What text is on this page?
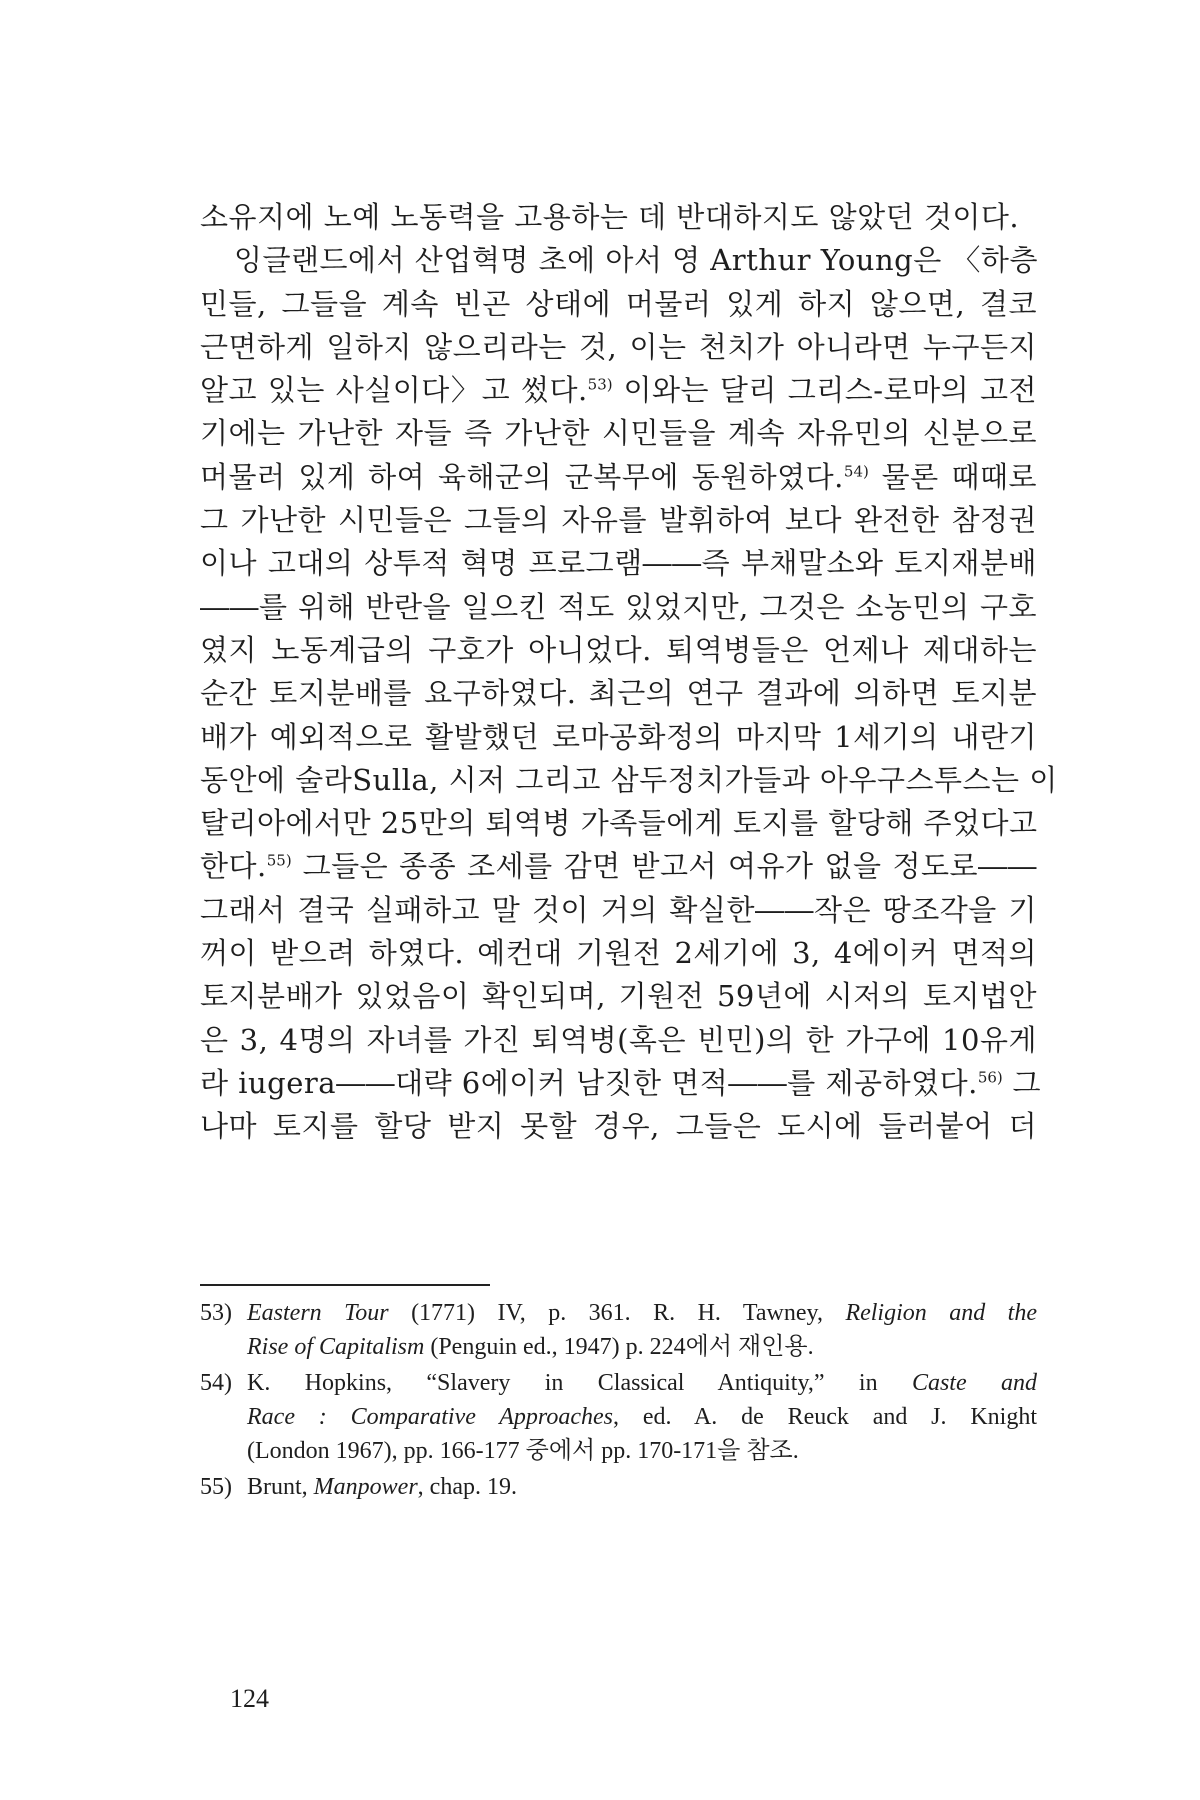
소유지에 노예 노동력을 고용하는 데 반대하지도 않았던 것이다.
잉글랜드에서 산업혁명 초에 아서 영 Arthur Young은 〈하층
민들, 그들을 계속 빈곤 상태에 머물러 있게 하지 않으면, 결코
근면하게 일하지 않으리라는 것, 이는 천치가 아니라면 누구든지
알고 있는 사실이다〉고 썼다.$^{53)}$ 이와는 달리 그리스-로마의 고전
기에는 가난한 자들 즉 가난한 시민들을 계속 자유민의 신분으로
머물러 있게 하여 육해군의 군복무에 동원하였다.$^{54)}$ 물론 때때로
그 가난한 시민들은 그들의 자유를 발휘하여 보다 완전한 참정권
이나 고대의 상투적 혁명 프로그램――즉 부채말소와 토지재분배
――를 위해 반란을 일으킨 적도 있었지만, 그것은 소농민의 구호
였지 노동계급의 구호가 아니었다. 퇴역병들은 언제나 제대하는
순간 토지분배를 요구하였다. 최근의 연구 결과에 의하면 토지분
배가 예외적으로 활발했던 로마공화정의 마지막 1세기의 내란기
동안에 술라Sulla, 시저 그리고 삼두정치가들과 아우구스투스는 이
탈리아에서만 25만의 퇴역병 가족들에게 토지를 할당해 주었다고
한다.$^{55)}$ 그들은 종종 조세를 감면 받고서 여유가 없을 정도로――
그래서 결국 실패하고 말 것이 거의 확실한――작은 땅조각을 기
꺼이 받으려 하였다. 예컨대 기원전 2세기에 3, 4에이커 면적의
토지분배가 있었음이 확인되며, 기원전 59년에 시저의 토지법안
은 3, 4명의 자녀를 가진 퇴역병(혹은 빈민)의 한 가구에 10유게
라 iugera――대략 6에이커 남짓한 면적――를 제공하였다.$^{56)}$ 그
나마 토지를 할당 받지 못할 경우, 그들은 도시에 들러붙어 더
53) Eastern Tour (1771) IV, p. 361. R. H. Tawney, Religion and the
Rise of Capitalism (Penguin ed., 1947) p. 224에서 재인용.
54) K. Hopkins, “Slavery in Classical Antiquity,” in Caste and
Race : Comparative Approaches, ed. A. de Reuck and J. Knight
(London 1967), pp. 166-177 중에서 pp. 170-171을 참조.
55) Brunt, Manpower, chap. 19.
124
